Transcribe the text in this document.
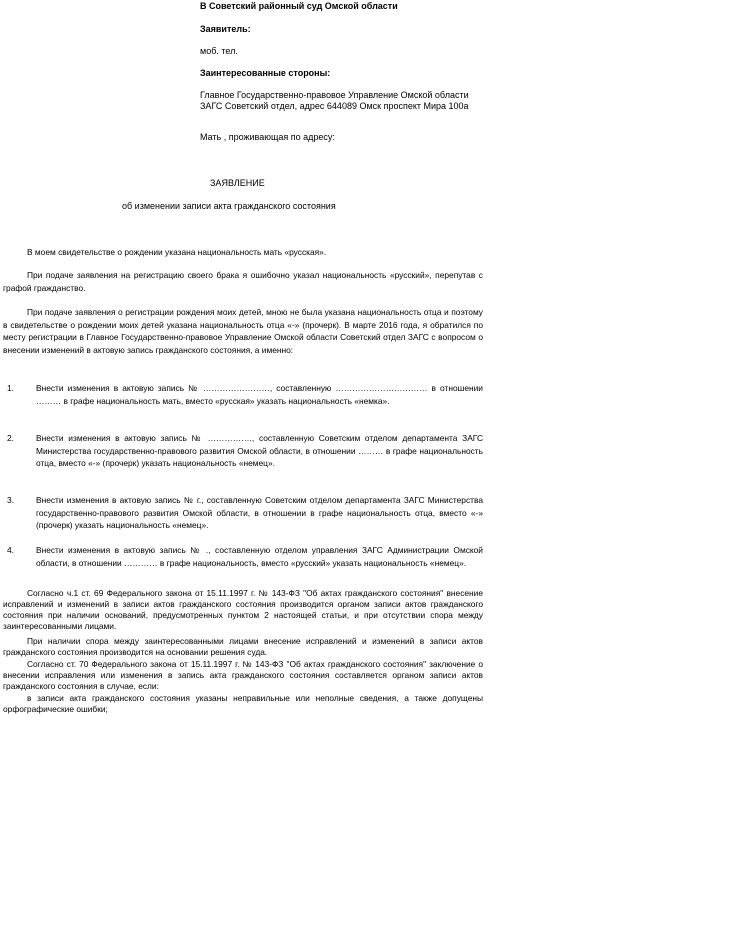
В Советский районный суд Омской области
Заявитель:
моб. тел.
Заинтересованные стороны:
Главное Государственно-правовое Управление Омской области ЗАГС Советский отдел, адрес 644089 Омск проспект Мира 100а
Мать , проживающая по адресу:
ЗАЯВЛЕНИЕ
об изменении записи акта гражданского состояния
В моем свидетельстве о рождении указана национальность мать «русская».
При подаче заявления на регистрацию своего брака я ошибочно указал национальность «русский», перепутав с графой гражданство.
При подаче заявления о регистрации рождения моих детей, мною не была указана национальность отца и поэтому в свидетельстве о рождении моих детей указана национальность отца «-» (прочерк). В марте 2016 года, я обратился по месту регистрации в Главное Государственно-правовое Управление Омской области Советский отдел ЗАГС с вопросом о внесении изменений в актовую запись гражданского состояния, а именно:
1.	Внести изменения в актовую запись № ……………………, составленную …………………………… в отношении ……… в графе национальность мать, вместо «русская» указать национальность «немка».
2.	Внести изменения в актовую запись № ……………., составленную Советским отделом департамента ЗАГС Министерства государственно-правового развития Омской области, в отношении ……… в графе национальность отца, вместо «-» (прочерк) указать национальность «немец».
3.	Внести изменения в актовую запись № г., составленную Советским отделом департамента ЗАГС Министерства государственно-правового развития Омской области, в отношении в графе национальность отца, вместо «-» (прочерк) указать национальность «немец».
4.	Внести изменения в актовую запись № ., составленную отделом управления ЗАГС Администрации Омской области, в отношении ………… в графе национальность, вместо «русский» указать национальность «немец».
Согласно ч.1 ст. 69 Федерального закона от 15.11.1997 г. № 143-ФЗ "Об актах гражданского состояния" внесение исправлений и изменений в записи актов гражданского состояния производится органом записи актов гражданского состояния при наличии оснований, предусмотренных пунктом 2 настоящей статьи, и при отсутствии спора между заинтересованными лицами.
При наличии спора между заинтересованными лицами внесение исправлений и изменений в записи актов гражданского состояния производится на основании решения суда.
Согласно ст. 70 Федерального закона от 15.11.1997 г. № 143-ФЗ "Об актах гражданского состояния" заключение о внесении исправления или изменения в запись акта гражданского состояния составляется органом записи актов гражданского состояния в случае, если:
в записи акта гражданского состояния указаны неправильные или неполные сведения, а также допущены орфографические ошибки;
